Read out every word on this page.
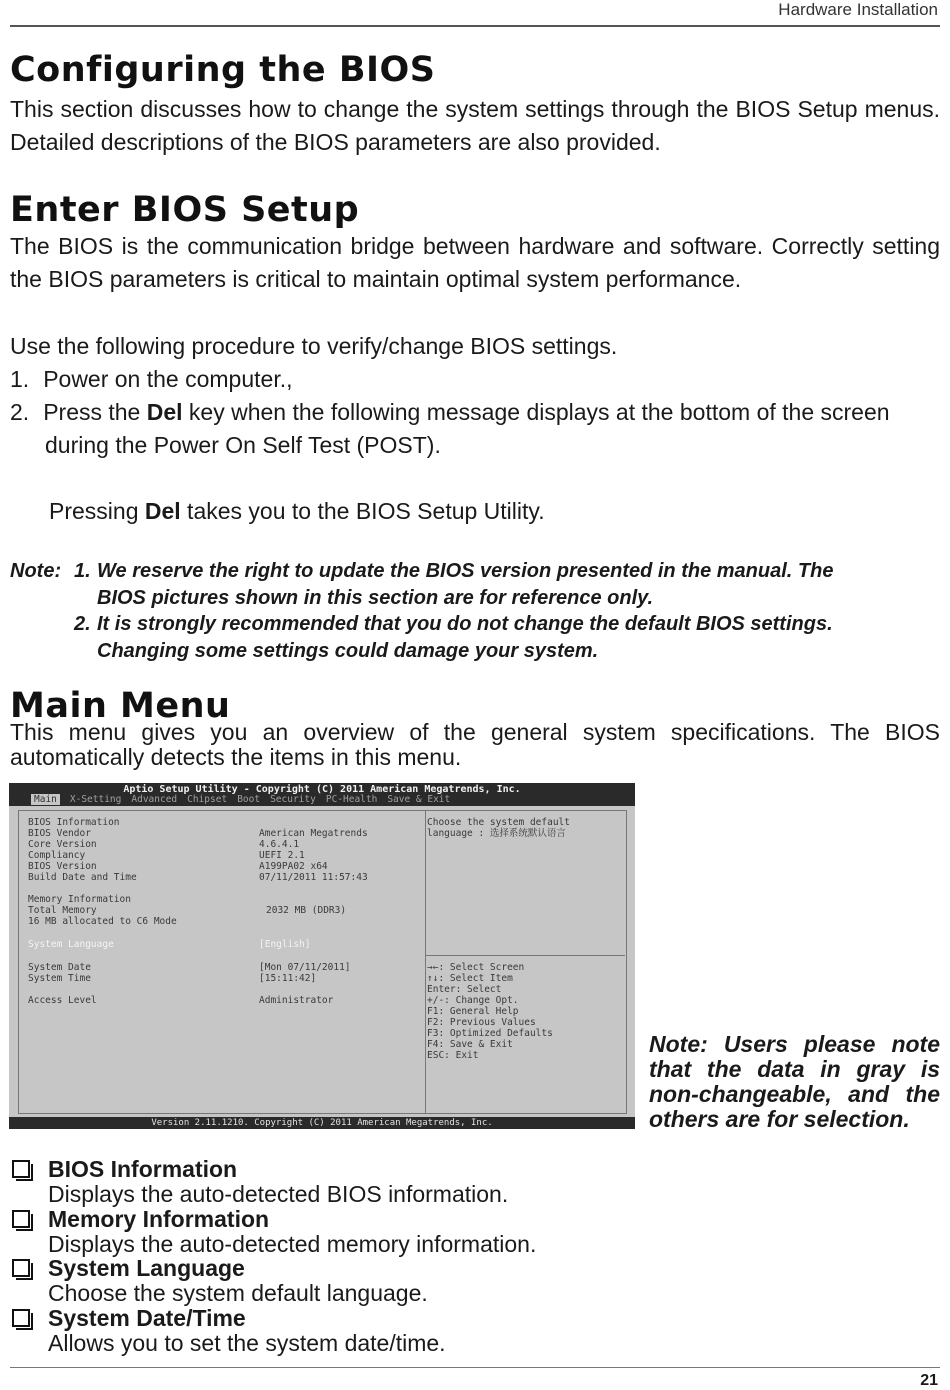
Hardware Installation
Configuring the BIOS
This section discusses how to change the system settings through the BIOS Setup menus. Detailed descriptions of the BIOS parameters are also provided.
Enter BIOS Setup
The BIOS is the communication bridge between hardware and software. Correctly setting the BIOS parameters is critical to maintain optimal system performance.
Use the following procedure to verify/change BIOS settings.
1. Power on the computer.,
2. Press the Del key when the following message displays at the bottom of the screen
during the Power On Self Test (POST).
Pressing Del takes you to the BIOS Setup Utility.
Note: 1. We reserve the right to update the BIOS version presented in the manual. The
BIOS pictures shown in this section are for reference only.
2. It is strongly recommended that you do not change the default BIOS settings.
Changing some settings could damage your system.
Main Menu
This menu gives you an overview of the general system specifications. The BIOS automatically detects the items in this menu.
Aptio Setup Utility - Copyright (C) 2011 American Megatrends, Inc.
Main	X-Setting Advanced Chipset Boot Security PC-Health Save & Exit
BIOS Information
BIOS Vendor	American Megatrends
Core Version	4.6.4.1
Compliancy	UEFI 2.1
BIOS Version	A199PA02 x64
Build Date and Time	07/11/2011 11:57:43
Memory Information
Total Memory	2032 MB (DDR3)
16 MB allocated to C6 Mode
System Language	[English]
System Date	[Mon 07/11/2011]
System Time	[15:11:42]
Access Level	Administrator
Choose the system default
language : 选择系统默认语言
→←: Select Screen
↑↓: Select Item
Enter: Select
+/-: Change Opt.
F1: General Help
F2: Previous Values
F3: Optimized Defaults
F4: Save & Exit
ESC: Exit
Version 2.11.1210. Copyright (C) 2011 American Megatrends, Inc.
Note: Users please note that the data in gray is non-changeable, and the others are for selection.
BIOS Information
Displays the auto-detected BIOS information.
Memory Information
Displays the auto-detected memory information.
System Language
Choose the system default language.
System Date/Time
Allows you to set the system date/time.
21
